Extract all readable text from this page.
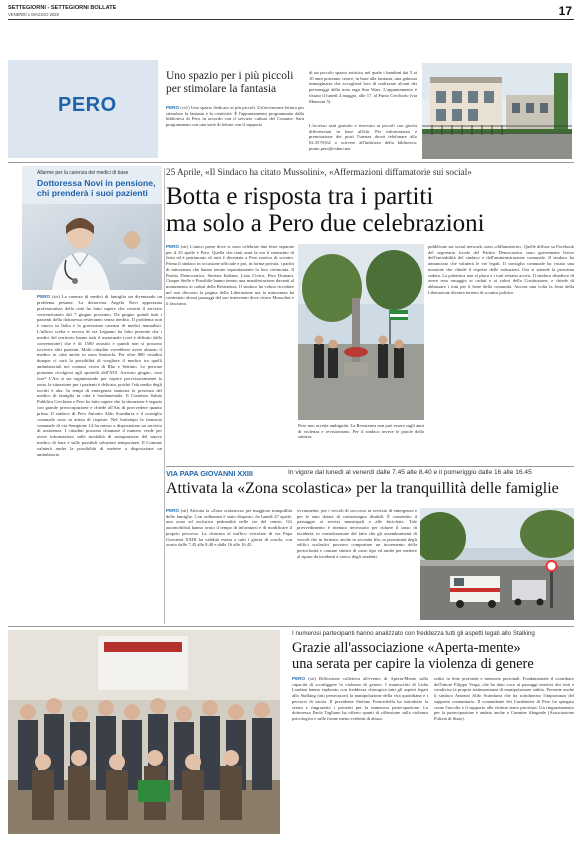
SETTEGIORNI - SETTEGIORNI BOLLATE
VENERDÌ 1 MAGGIO 2020	17
PERO
Uno spazio per i più piccoli
per stimolare la fantasia
PERO (cs1) Uno spazio dedicato ai più piccoli. Un'avvincente lettura per stimolare la fantasia e la creatività. È l'appuntamento programmato dalla biblioteca di Pero in accordo con il servizio cultura del Comune. Sarà programmata con una serie di letture con il supporto
di un piccolo spazio artistico nel quale i bambini dai 5 ai 10 anni potranno creare, in base alla fantasia, una galassia immaginaria che accoglierà loro di realizzare alcuni dei personaggi della nota saga Star Wars. L'appuntamento è fissato il lunedì 4 maggio, alle 17, al Punto Cerchiolo (via Manzoni 5).
L'accesso sarà gratuito e riservato ai piccoli con giochi differenziati in base all'età. Per informazioni e prenotazione dei posti l'utenza dovrà telefonare allo 02.3570162 o scrivere all'indirizzo della biblioteca: punto.pero@csbno.net
Allarme per la carenza dei medici di base
Dottoressa Novi in pensione, chi prenderà i suoi pazienti
PERO (sir) La carenza di medici di famiglia sta diventando un problema pesante. La dottoressa Angela Novi apprezzata professionista della città ha fatto sapere che cesserà il servizio convenzionato dal 7 giugno prossimo. Da giugno quindi tutti i pazienti della dottoressa resteranno senza medico. Il problema non è nuovo in Italia e la gravissima carenza di medici mutualisti. L'ufficio scelta e revoca di via Legnano ha fatto presente che i medici del territorio hanno tutti il massimale (così è definito dalla convenzione) che è di 1500 assistiti e quindi non si possono iscrivere altri pazienti. Molti cittadini vorrebbero avere almeno il medico in città anche in zona limitrofa. Per oltre 800 cittadini dunque ci sarà la possibilità di scegliere il medico tra quelli ambulatoriali nei comuni vicini di Rho e Settimo. Le persone potranno rivolgersi agli sportelli dell'ATS. Arrivato giugno, cosa fare? L'Ats si sta organizzando per coprire provvisoriamente la zona, la situazione per i pazienti è delicata, poiché l'età media degli iscritti è alta. In tempi di emergenza sanitaria la presenza del medico di famiglia in città è fondamentale. Il Comitato Salute Pubblica Cerchiate e Pero ha fatto sapere che la situazione è seguita con grande preoccupazione e chiede all'Ats di provvedere quanto prima. Il sindaco di Pero Antonio Aldo Scandurra e il consiglio comunale sono in attesa di risposte. Nel frattempo la farmacia comunale di via Sempione 14 ha messo a disposizione un servizio di assistenza. I cittadini possono chiamare il numero verde per avere informazioni sulle modalità di assegnazione del nuovo medico di base e sulle possibili soluzioni temporanee. Il Comune valuterà anche la possibilità di mettere a disposizione un ambulatorio.
25 Aprile, «Il Sindaco ha citato Mussolini», «Affermazioni diffamatorie sui social»
Botta e risposta tra i partiti
ma solo a Pero due celebrazioni
PERO (sir) L'unico paese dove si sono celebrate due feste separate per il 25 aprile è Pero. Quella che tanti anni fa era il momento di festa ed è patrimonio di tutti è diventata a Pero motivo di scontro. Prima il sindaco in occasione ufficiale e poi, in forma privata, i partiti di minoranza che hanno tenuto separatamente la loro cerimonia. Il Partito Democratico, Sinistra Italiana, Lista Civica, Pero Domani, Cinque Stelle e Possibile hanno tenuto una manifestazione davanti al monumento ai caduti della Resistenza. Il sindaco ha voluto ricordare nel suo discorso la pagina della Liberazione ma la minoranza ha contestato alcuni passaggi del suo intervento dove citava Mussolini e il fascismo.
Pero non accetta ambiguità. La Resistenza non può essere sugli anni di violenza e revisionismo. Per il sindaco invece le parole della sinistra.
pubblicate sui social network, sono «diffamatorie». Quelle diffuse su Facebook del segretario locale del Partito Democratico sono gravemente lesive dell'onorabilità del sindaco e dell'amministrazione comunale. Il sindaco ha annunciato che valuterà le vie legali. Il consiglio comunale ha votato una mozione che chiede il rispetto delle istituzioni. Ora si attende la prossima seduta. La polemica non si placa e i toni restano accesi. Il sindaco ribadisce di avere reso omaggio ai caduti e ai valori della Costituzione, e chiede di abbassare i toni per il bene della comunità. Ancora una volta la festa della Liberazione diventa terreno di scontro politico.
VIA PAPA GIOVANNI XXIII	In vigore dal lunedì al venerdì dalle 7.45 alle 8.40 e il pomeriggio dalle 16 alle 16.45
Attivata la «Zona scolastica» per la tranquillità delle famiglie
PERO (sir) Attivata la «Zona scolastica» per maggiore tranquillità delle famiglie. Con ordinanza è stato disposto, da lunedì 27 aprile, una zona ad esclusiva pedonalità nelle vie del centro. Gli automobilisti hanno avuto il tempo di informarsi e di modificare il proprio percorso. La chiusura al traffico veicolare di via Papa Giovanni XXIII ha validità estesa a tutti i giorni di scuola, con orario dalle 7.45 alle 8.40 e dalle 16 alle 16.45.
ovviamente, per i veicoli di soccorso in servizio di emergenza e per le auto dotate di contrassegno disabili. È consentito il passaggio ai servizi municipali e alle biciclette. Tale provvedimento è ritenuto necessario per ridurre il tasso di incidenti, in considerazione del fatto che gli assembramenti di veicoli che in fermata, anche in seconda fila, in prossimità degli edifici scolastici possono comportare un incremento della pericolosità e causare sinistri di vario tipo ed anche per mettere al riparo da incidenti a carico degli studenti.
I numerosi partecipanti hanno analizzato con freddezza tutti gli aspetti legati allo Stalking
Grazie all'associazione «Aperta-mente»
una serata per capire la violenza di genere
PERO (sir) Riflessione collettiva all'evento di Aperta-Mente sulla capacità di sconfiggere la violenza di genere. I manoscritti di Lidia Laudani hanno esplorato con freddezza chirurgica tutti gli aspetti legati allo Stalking (atti persecutori) la manipolazione della vita quotidiana e i percorsi di uscita. Il presidente Stefano Formichella ha introdotto la serata e ringraziato i presenti per la numerosa partecipazione. La dottoressa Paola Tagliano ha offerto spunti di riflessione sulla violenza psicologica e sulle forme meno evidenti di abuso.
radici in fette profonde e memorie personali. Fondamentale il contributo dell'attore Filippo Verga, che ha dato voce ai passaggi emotivi dei testi e condiviso la propria testimonianza di manipolazione subita. Presente anche il sindaco Antonio Aldo Scandurra che ha sottolineato l'importanza del supporto comunitario. Il comandante dei Carabinieri di Pero ha spiegato come l'ascolto e il supporto alle vittime siano prioritari. Un ringraziamento per la partecipazione è andato anche a Carmine Abagnale (Associazione Polizia di Stato).
